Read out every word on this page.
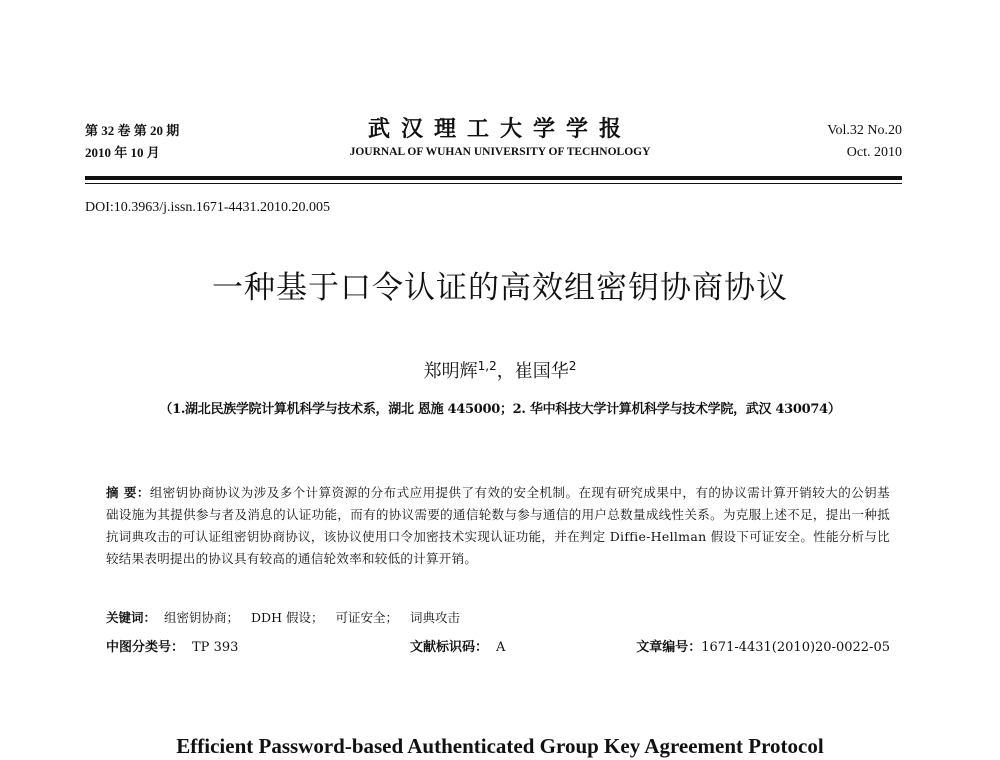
第 32 卷 第 20 期
2010 年 10 月
武汉理工大学学报
JOURNAL OF WUHAN UNIVERSITY OF TECHNOLOGY
Vol.32 No.20
Oct. 2010
DOI:10.3963/j.issn.1671-4431.2010.20.005
一种基于口令认证的高效组密钥协商协议
郑明辉$^{1,2}$，崔国华$^2$
（1.湖北民族学院计算机科学与技术系，湖北 恩施 445000；2. 华中科技大学计算机科学与技术学院，武汉 430074）
摘 要：组密钥协商协议为涉及多个计算资源的分布式应用提供了有效的安全机制。在现有研究成果中，有的协议需计算开销较大的公钥基础设施为其提供参与者及消息的认证功能，而有的协议需要的通信轮数与参与通信的用户总数量成线性关系。为克服上述不足，提出一种抵抗词典攻击的可认证组密钥协商协议，该协议使用口令加密技术实现认证功能，并在判定 Diffie-Hellman 假设下可证安全。性能分析与比较结果表明提出的协议具有较高的通信轮效率和较低的计算开销。
关键词： 组密钥协商； DDH 假设； 可证安全； 词典攻击
中图分类号： TP 393	文献标识码： A	文章编号：1671-4431(2010)20-0022-05
Efficient Password-based Authenticated Group Key Agreement Protocol
